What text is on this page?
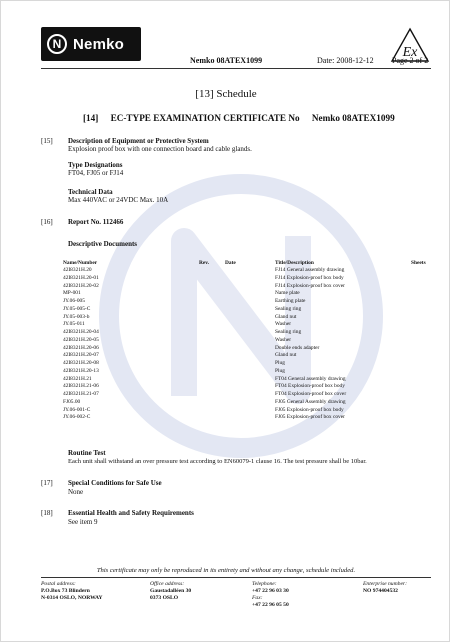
N Nemko	Ex
Nemko 08ATEX1099	Date: 2008-12-12 Page 2 of 2
[13] Schedule
[14] EC-TYPE EXAMINATION CERTIFICATE No Nemko 08ATEX1099
[15] Description of Equipment or Protective System
Explosion proof box with one connection board and cable glands.
Type Designations
FT04, FJ05 or FJ14
Technical Data
Max 440VAC or 24VDC Max. 10A
[16] Report No. 112466
Descriptive Documents
Name/Number	Rev.	Date	Title/Description	Sheets
42I8321H.20	FJ14 General assembly drawing
42I8321H.20-01	FJ14 Explosion-proof box body
42I8321H.20-02	FJ14 Explosion-proof box cover
MP-001	Name plate
JY.06-005	Earthing plate
JY.05-005-C	Sealing ring
JY.05-003-b	Gland nut
JY.05-011	Washer
42I8321H.20-04	Sealing ring
42I8321H.20-05	Washer
42I8321H.20-06	Double ends adapter
42I8321H.20-07	Gland nut
42I8321H.20-08	Plug
42I8321H.20-13	Plug
42I8321H.21	FT04 General assembly drawing
42I8321H.21-06	FT04 Explosion-proof box body
42I8321H.21-07	FT04 Explosion-proof box cover
FJ05.00	FJ05 General Assembly drawing
JY.06-001-C	FJ05 Explosion-proof box body
JY.06-002-C	FJ05 Explosion-proof box cover
Routine Test
Each unit shall withstand an over pressure test according to EN60079-1 clause 16. The test pressure shall be 10bar.
[17] Special Conditions for Safe Use
None
[18] Essential Health and Safety Requirements
See item 9
This certificate may only be reproduced in its entirety and without any change, schedule included.
Postal address:
P.O.Box 73 Blindern
N-0314 OSLO, NORWAY
Office address:
Gaustadalléen 30
0373 OSLO
Telephone:
+47 22 96 03 30
Fax:
+47 22 96 05 50
Enterprise number:
NO 974404532
